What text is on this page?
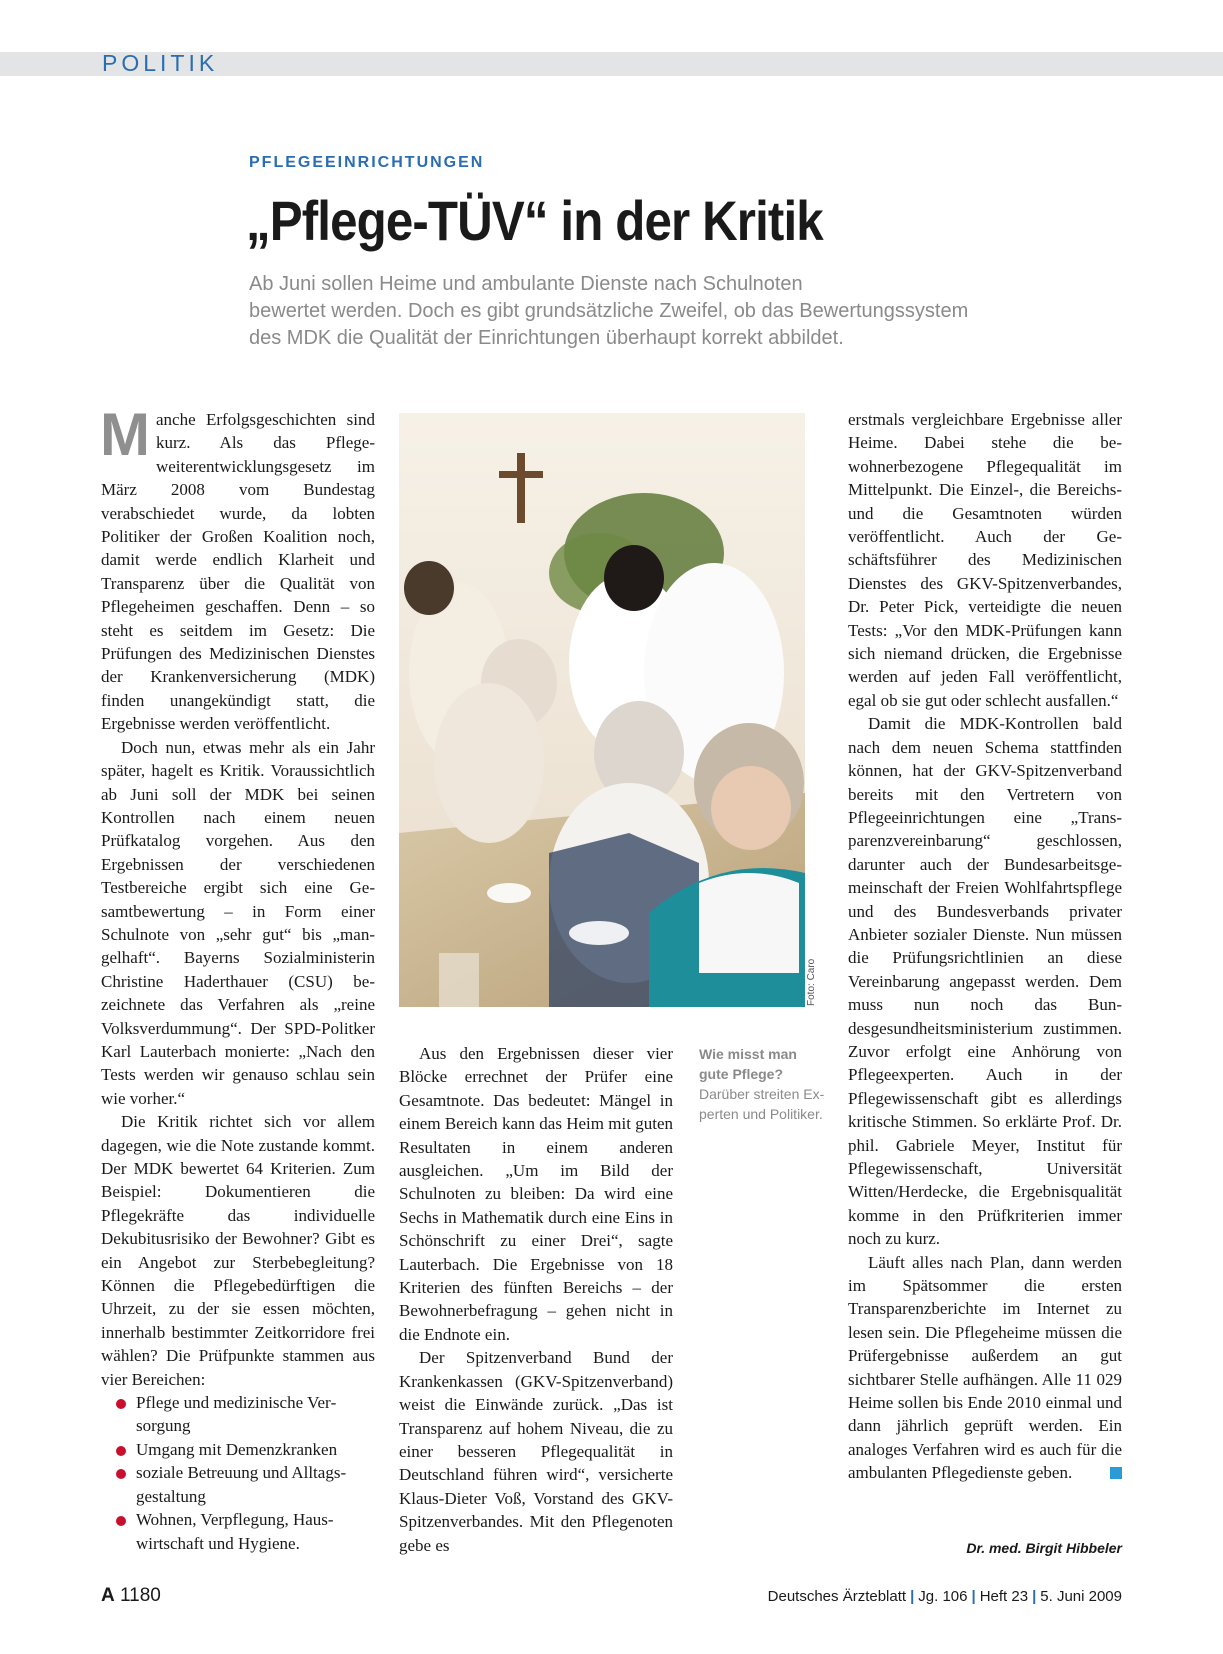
POLITIK
PFLEGEEINRICHTUNGEN
„Pflege-TÜV“ in der Kritik
Ab Juni sollen Heime und ambulante Dienste nach Schulnoten
bewertet werden. Doch es gibt grundsätzliche Zweifel, ob das Bewertungssystem
des MDK die Qualität der Einrichtungen überhaupt korrekt abbildet.

Manche Erfolgsgeschichten sind kurz. Als das Pflegeweiterentwicklungsgesetz im März 2008 vom Bundestag verabschiedet wurde, da lobten Politiker der Großen Koalition noch, damit werde endlich Klarheit und Transparenz über die Qualität von Pflegeheimen geschaffen. Denn – so steht es seitdem im Gesetz: Die Prüfungen des Medizinischen Dienstes der Krankenversicherung (MDK) finden unangekündigt statt, die Ergebnisse werden veröffentlicht.

Doch nun, etwas mehr als ein Jahr später, hagelt es Kritik. Voraussichtlich ab Juni soll der MDK bei seinen Kontrollen nach einem neuen Prüfkatalog vorgehen. Aus den Ergebnissen der verschiedenen Testbereiche ergibt sich eine Gesamtbewertung – in Form einer Schulnote von „sehr gut“ bis „mangelhaft“. Bayerns Sozialministerin Christine Haderthauer (CSU) bezeichnete das Verfahren als „reine Volksverdummung“. Der SPD-Politker Karl Lauterbach monierte: „Nach den Tests werden wir genauso schlau sein wie vorher.“

Die Kritik richtet sich vor allem dagegen, wie die Note zustande kommt. Der MDK bewertet 64 Kriterien. Zum Beispiel: Dokumentieren die Pflegekräfte das individuelle Dekubitusrisiko der Bewohner? Gibt es ein Angebot zur Sterbebegleitung? Können die Pflegebedürftigen die Uhrzeit, zu der sie essen möchten, innerhalb bestimmter Zeitkorridore frei wählen? Die Prüfpunkte stammen aus vier Bereichen:

Pflege und medizinische Versorgung
Umgang mit Demenzkranken
soziale Betreuung und Alltagsgestaltung
Wohnen, Verpflegung, Hauswirtschaft und Hygiene.
Foto: Caro

Aus den Ergebnissen dieser vier Blöcke errechnet der Prüfer eine Gesamtnote. Das bedeutet: Mängel in einem Bereich kann das Heim mit guten Resultaten in einem anderen ausgleichen. „Um im Bild der Schulnoten zu bleiben: Da wird eine Sechs in Mathematik durch eine Eins in Schönschrift zu einer Drei“, sagte Lauterbach. Die Ergebnisse von 18 Kriterien des fünften Bereichs – der Bewohnerbefragung – gehen nicht in die Endnote ein.

Der Spitzenverband Bund der Krankenkassen (GKV-Spitzenverband) weist die Einwände zurück. „Das ist Transparenz auf hohem Niveau, die zu einer besseren Pflegequalität in Deutschland führen wird“, versicherte Klaus-Dieter Voß, Vorstand des GKV-Spitzenverbandes. Mit den Pflegenoten gebe es

Wie misst man gute Pflege?
Darüber streiten Experten und Politiker.

erstmals vergleichbare Ergebnisse aller Heime. Dabei stehe die bewohnerbezogene Pflegequalität im Mittelpunkt. Die Einzel-, die Bereichs- und die Gesamtnoten würden veröffentlicht. Auch der Geschäftsführer des Medizinischen Dienstes des GKV-Spitzenverbandes, Dr. Peter Pick, verteidigte die neuen Tests: „Vor den MDK-Prüfungen kann sich niemand drücken, die Ergebnisse werden auf jeden Fall veröffentlicht, egal ob sie gut oder schlecht ausfallen.“

Damit die MDK-Kontrollen bald nach dem neuen Schema stattfinden können, hat der GKV-Spitzenverband bereits mit den Vertretern von Pflegeeinrichtungen eine „Transparenzvereinbarung“ geschlossen, darunter auch der Bundesarbeitsgemeinschaft der Freien Wohlfahrtspflege und des Bundesverbands privater Anbieter sozialer Dienste. Nun müssen die Prüfungsrichtlinien an diese Vereinbarung angepasst werden. Dem muss nun noch das Bundesgesundheitsministerium zustimmen. Zuvor erfolgt eine Anhörung von Pflegeexperten. Auch in der Pflegewissenschaft gibt es allerdings kritische Stimmen. So erklärte Prof. Dr. phil. Gabriele Meyer, Institut für Pflegewissenschaft, Universität Witten/Herdecke, die Ergebnisqualität komme in den Prüfkriterien immer noch zu kurz.

Läuft alles nach Plan, dann werden im Spätsommer die ersten Transparenzberichte im Internet zu lesen sein. Die Pflegeheime müssen die Prüfergebnisse außerdem an gut sichtbarer Stelle aufhängen. Alle 11 029 Heime sollen bis Ende 2010 einmal und dann jährlich geprüft werden. Ein analoges Verfahren wird es auch für die ambulanten Pflegedienste geben.

Dr. med. Birgit Hibbeler
A 1180	Deutsches Ärzteblatt | Jg. 106 | Heft 23 | 5. Juni 2009
